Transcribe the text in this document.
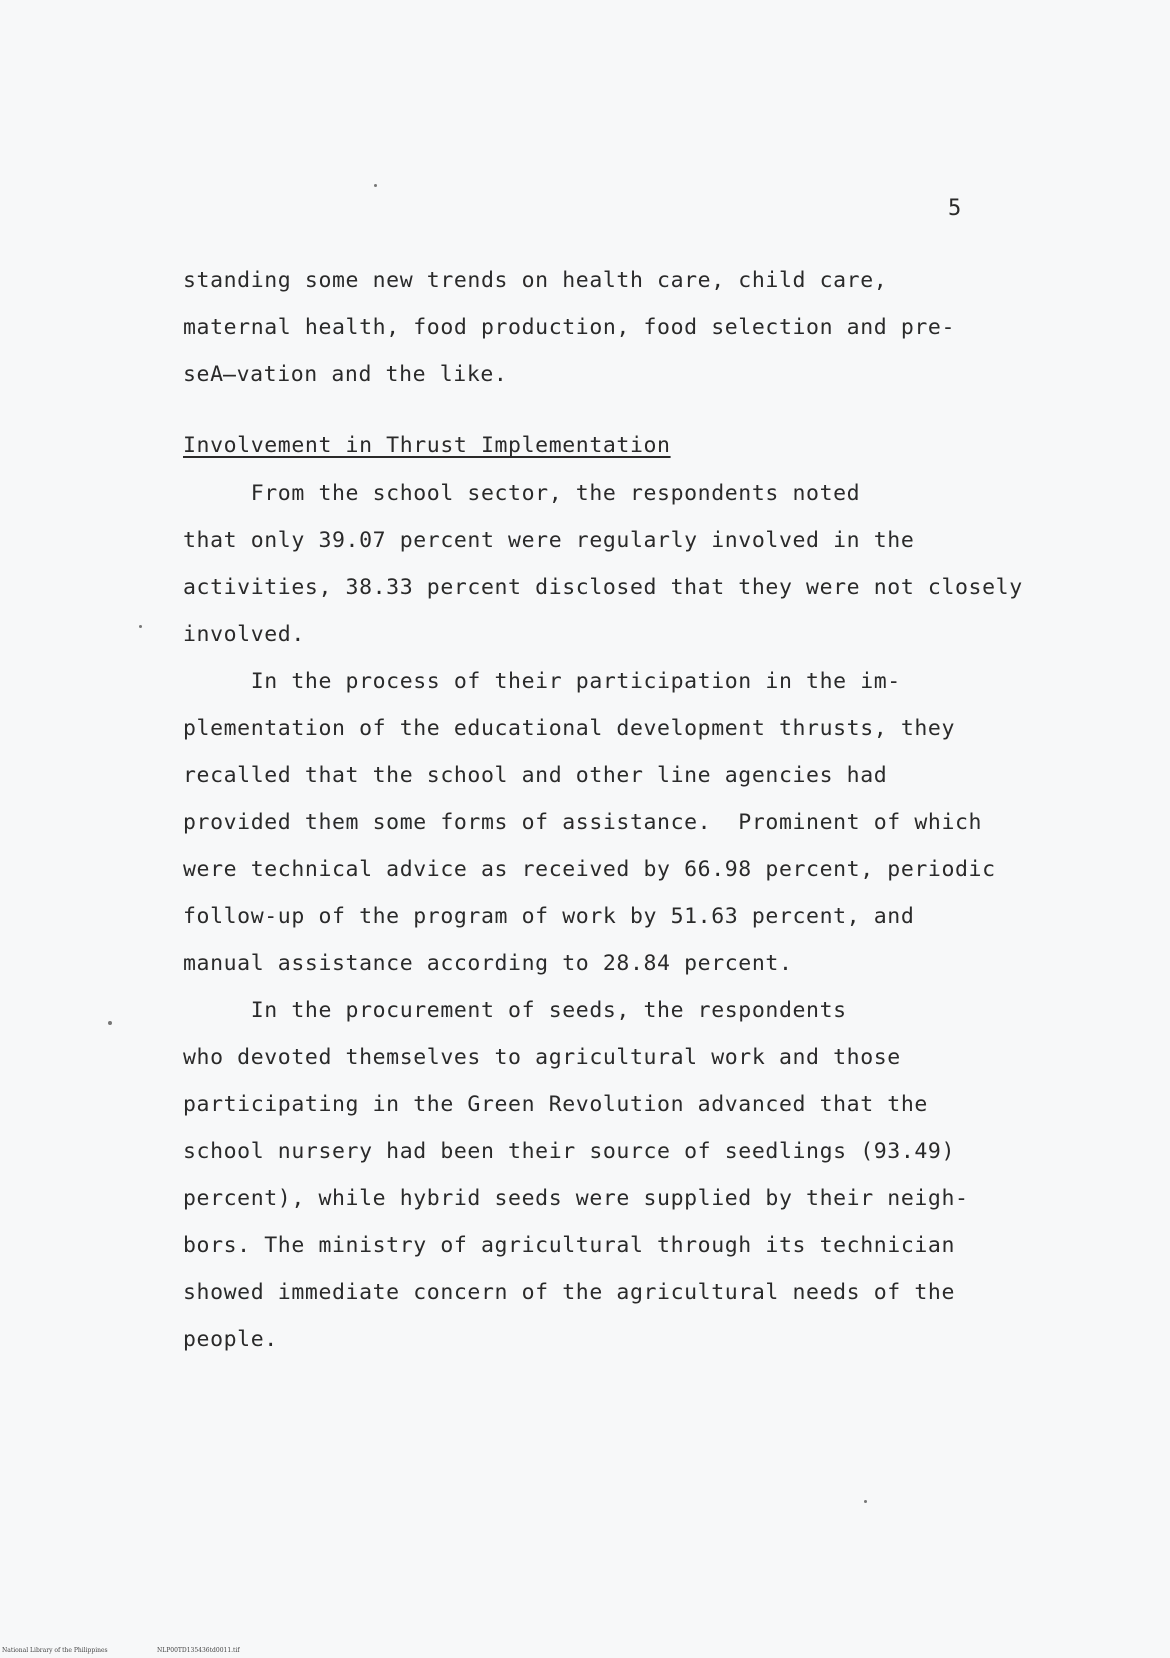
5
standing some new trends on health care, child care,
maternal health, food production, food selection and pre-
seA̶vation and the like.
Involvement in Thrust Implementation
From the school sector, the respondents noted
that only 39.07 percent were regularly involved in the
activities, 38.33 percent disclosed that they were not closely
involved.
In the process of their participation in the im-
plementation of the educational development thrusts, they
recalled that the school and other line agencies had
provided them some forms of assistance.  Prominent of which
were technical advice as received by 66.98 percent, periodic
follow-up of the program of work by 51.63 percent, and
manual assistance according to 28.84 percent.
In the procurement of seeds, the respondents
who devoted themselves to agricultural work and those
participating in the Green Revolution advanced that the
school nursery had been their source of seedlings (93.49)
percent), while hybrid seeds were supplied by their neigh-
bors. The ministry of agricultural through its technician
showed immediate concern of the agricultural needs of the
people.
National Library of the Philippines	NLP00TD135436td0011.tif
